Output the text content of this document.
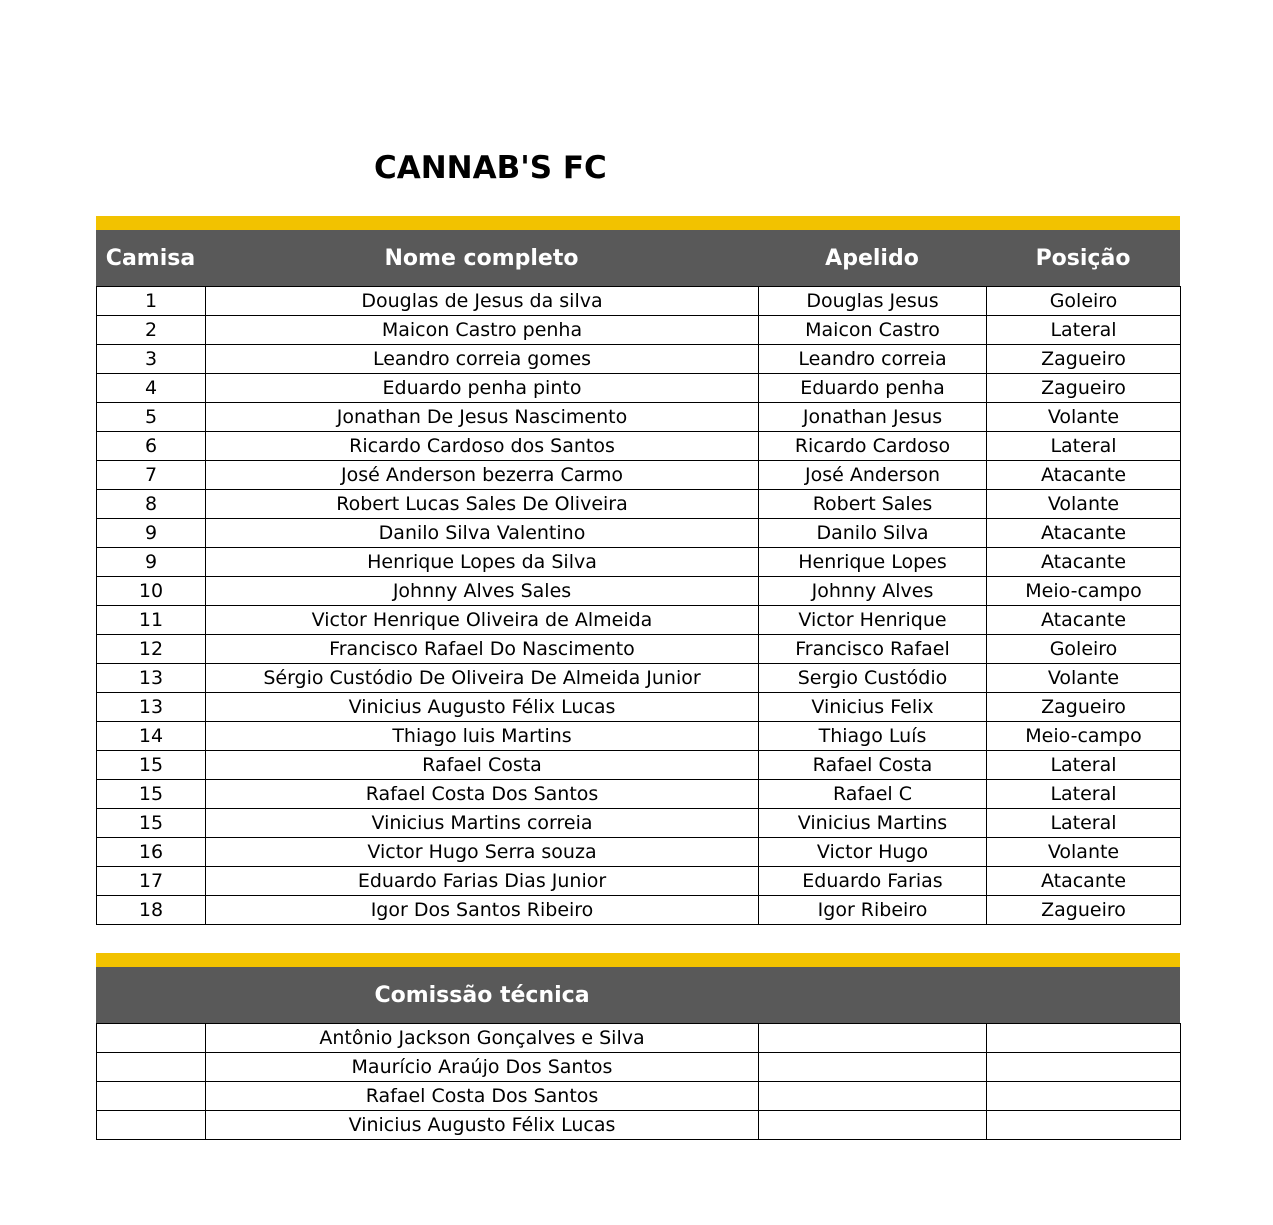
CANNAB'S FC
Camisa	Nome completo	Apelido	Posição
1	Douglas de Jesus da silva	Douglas Jesus	Goleiro
2	Maicon Castro penha	Maicon Castro	Lateral
3	Leandro correia gomes	Leandro correia	Zagueiro
4	Eduardo penha pinto	Eduardo penha	Zagueiro
5	Jonathan De Jesus Nascimento	Jonathan Jesus	Volante
6	Ricardo Cardoso dos Santos	Ricardo Cardoso	Lateral
7	José Anderson bezerra Carmo	José Anderson	Atacante
8	Robert Lucas Sales De Oliveira	Robert Sales	Volante
9	Danilo Silva Valentino	Danilo Silva	Atacante
9	Henrique Lopes da Silva	Henrique Lopes	Atacante
10	Johnny Alves Sales	Johnny Alves	Meio-campo
11	Victor Henrique Oliveira de Almeida	Victor Henrique	Atacante
12	Francisco Rafael Do Nascimento	Francisco Rafael	Goleiro
13	Sérgio Custódio De Oliveira De Almeida Junior	Sergio Custódio	Volante
13	Vinicius Augusto Félix Lucas	Vinicius Felix	Zagueiro
14	Thiago luis Martins	Thiago Luís	Meio-campo
15	Rafael Costa	Rafael Costa	Lateral
15	Rafael Costa Dos Santos	Rafael C	Lateral
15	Vinicius Martins correia	Vinicius Martins	Lateral
16	Victor Hugo Serra souza	Victor Hugo	Volante
17	Eduardo Farias Dias Junior	Eduardo Farias	Atacante
18	Igor Dos Santos Ribeiro	Igor Ribeiro	Zagueiro
Comissão técnica
	Antônio Jackson Gonçalves e Silva		
	Maurício Araújo Dos Santos		
	Rafael Costa Dos Santos		
	Vinicius Augusto Félix Lucas		
